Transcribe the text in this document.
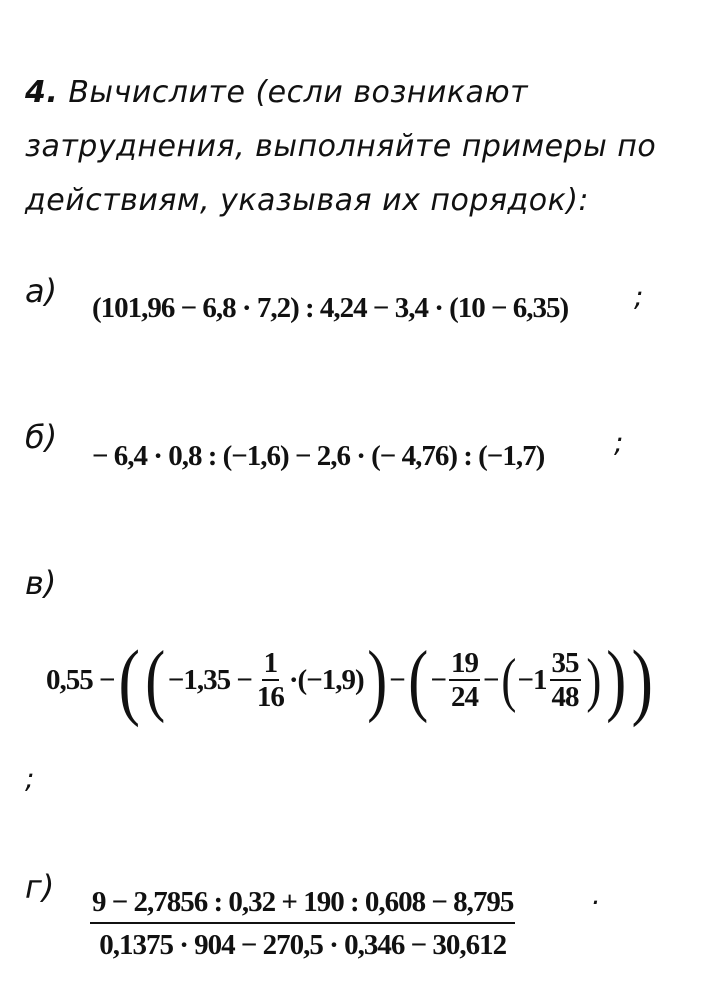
4. Вычислите (если возникают затруднения, выполняйте примеры по действиям, указывая их порядок):
а) (101,96 − 6,8 · 7,2) : 4,24 − 3,4 · (10 − 6,35) ;
б) − 6,4 · 0,8 : (−1,6) − 2,6 · (− 4,76) : (−1,7) ;
в)
0,55 − ( ( $-1,35 - \frac{1}{16} \cdot (-1,9)$ ) − ( − $\frac{19}{24}$ − ( $-1 \frac{35}{48}$ ) ) )
;
$г) \frac{9 - 2,7856 : 0,32 + 190 : 0,608 - 8,795}{0,1375 \cdot 904 - 270,5 \cdot 0,346 - 30,612}$	.
